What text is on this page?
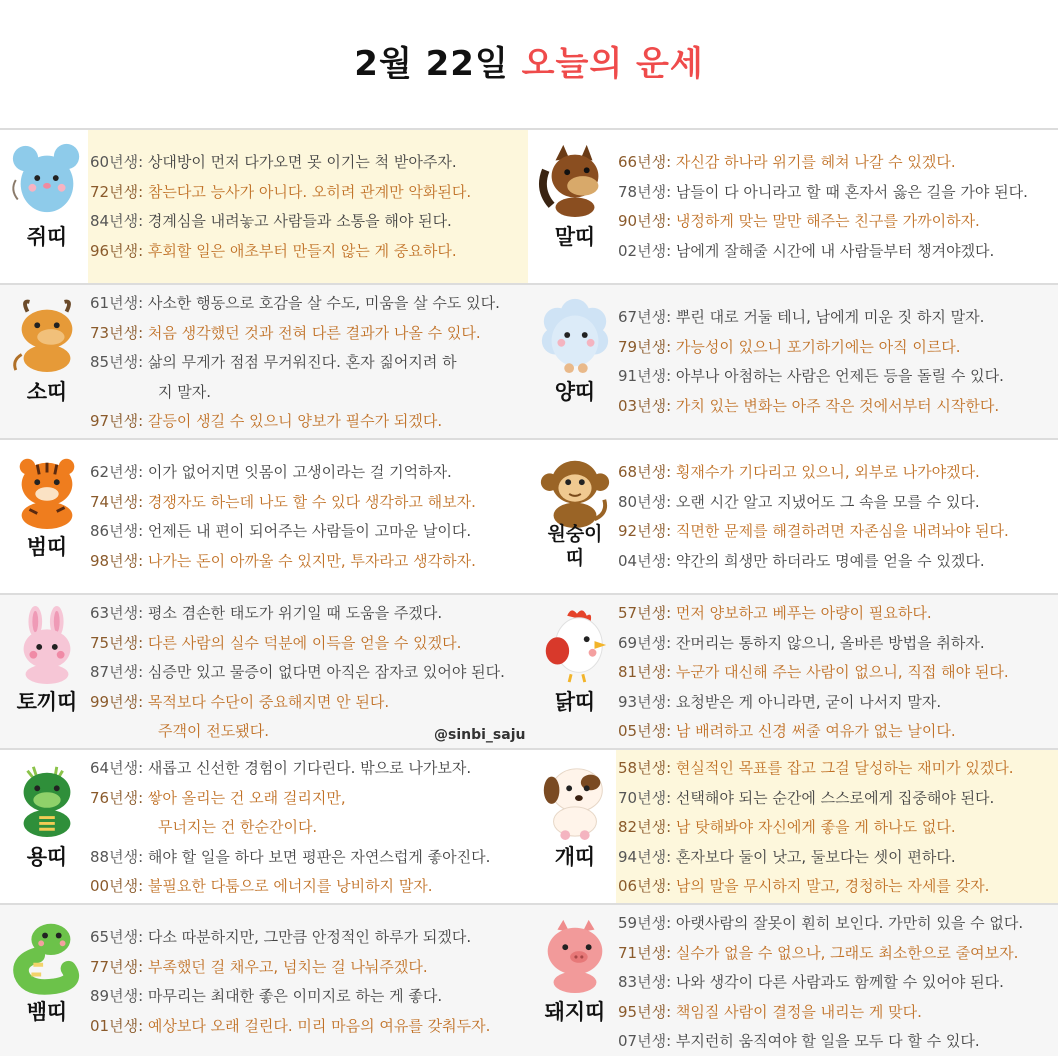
2월 22일 오늘의 운세
쥐띠
60년생: 상대방이 먼저 다가오면 못 이기는 척 받아주자.
72년생: 참는다고 능사가 아니다. 오히려 관계만 악화된다.
84년생: 경계심을 내려놓고 사람들과 소통을 해야 된다.
96년생: 후회할 일은 애초부터 만들지 않는 게 중요하다.
말띠
66년생: 자신감 하나라 위기를 헤쳐 나갈 수 있겠다.
78년생: 남들이 다 아니라고 할 때 혼자서 옳은 길을 가야 된다.
90년생: 냉정하게 맞는 말만 해주는 친구를 가까이하자.
02년생: 남에게 잘해줄 시간에 내 사람들부터 챙겨야겠다.
소띠
61년생: 사소한 행동으로 호감을 살 수도, 미움을 살 수도 있다.
73년생: 처음 생각했던 것과 전혀 다른 결과가 나올 수 있다.
85년생: 삶의 무게가 점점 무거워진다. 혼자 짊어지려 하
지 말자.
97년생: 갈등이 생길 수 있으니 양보가 필수가 되겠다.
양띠
67년생: 뿌린 대로 거둘 테니, 남에게 미운 짓 하지 말자.
79년생: 가능성이 있으니 포기하기에는 아직 이르다.
91년생: 아부나 아첨하는 사람은 언제든 등을 돌릴 수 있다.
03년생: 가치 있는 변화는 아주 작은 것에서부터 시작한다.
범띠
62년생: 이가 없어지면 잇몸이 고생이라는 걸 기억하자.
74년생: 경쟁자도 하는데 나도 할 수 있다 생각하고 해보자.
86년생: 언제든 내 편이 되어주는 사람들이 고마운 날이다.
98년생: 나가는 돈이 아까울 수 있지만, 투자라고 생각하자.
원숭이띠
68년생: 횡재수가 기다리고 있으니, 외부로 나가야겠다.
80년생: 오랜 시간 알고 지냈어도 그 속을 모를 수 있다.
92년생: 직면한 문제를 해결하려면 자존심을 내려놔야 된다.
04년생: 약간의 희생만 하더라도 명예를 얻을 수 있겠다.
토끼띠
63년생: 평소 겸손한 태도가 위기일 때 도움을 주겠다.
75년생: 다른 사람의 실수 덕분에 이득을 얻을 수 있겠다.
87년생: 심증만 있고 물증이 없다면 아직은 잠자코 있어야 된다.
99년생: 목적보다 수단이 중요해지면 안 된다.
주객이 전도됐다.
닭띠
57년생: 먼저 양보하고 베푸는 아량이 필요하다.
69년생: 잔머리는 통하지 않으니, 올바른 방법을 취하자.
81년생: 누군가 대신해 주는 사람이 없으니, 직접 해야 된다.
93년생: 요청받은 게 아니라면, 굳이 나서지 말자.
05년생: 남 배려하고 신경 써줄 여유가 없는 날이다.
용띠
64년생: 새롭고 신선한 경험이 기다린다. 밖으로 나가보자.
76년생: 쌓아 올리는 건 오래 걸리지만,
무너지는 건 한순간이다.
88년생: 해야 할 일을 하다 보면 평판은 자연스럽게 좋아진다.
00년생: 불필요한 다툼으로 에너지를 낭비하지 말자.
개띠
58년생: 현실적인 목표를 잡고 그걸 달성하는 재미가 있겠다.
70년생: 선택해야 되는 순간에 스스로에게 집중해야 된다.
82년생: 남 탓해봐야 자신에게 좋을 게 하나도 없다.
94년생: 혼자보다 둘이 낫고, 둘보다는 셋이 편하다.
06년생: 남의 말을 무시하지 말고, 경청하는 자세를 갖자.
뱀띠
65년생: 다소 따분하지만, 그만큼 안정적인 하루가 되겠다.
77년생: 부족했던 걸 채우고, 넘치는 걸 나눠주겠다.
89년생: 마무리는 최대한 좋은 이미지로 하는 게 좋다.
01년생: 예상보다 오래 걸린다. 미리 마음의 여유를 갖춰두자.
돼지띠
59년생: 아랫사람의 잘못이 훤히 보인다. 가만히 있을 수 없다.
71년생: 실수가 없을 수 없으나, 그래도 최소한으로 줄여보자.
83년생: 나와 생각이 다른 사람과도 함께할 수 있어야 된다.
95년생: 책임질 사람이 결정을 내리는 게 맞다.
07년생: 부지런히 움직여야 할 일을 모두 다 할 수 있다.
@sinbi_saju
